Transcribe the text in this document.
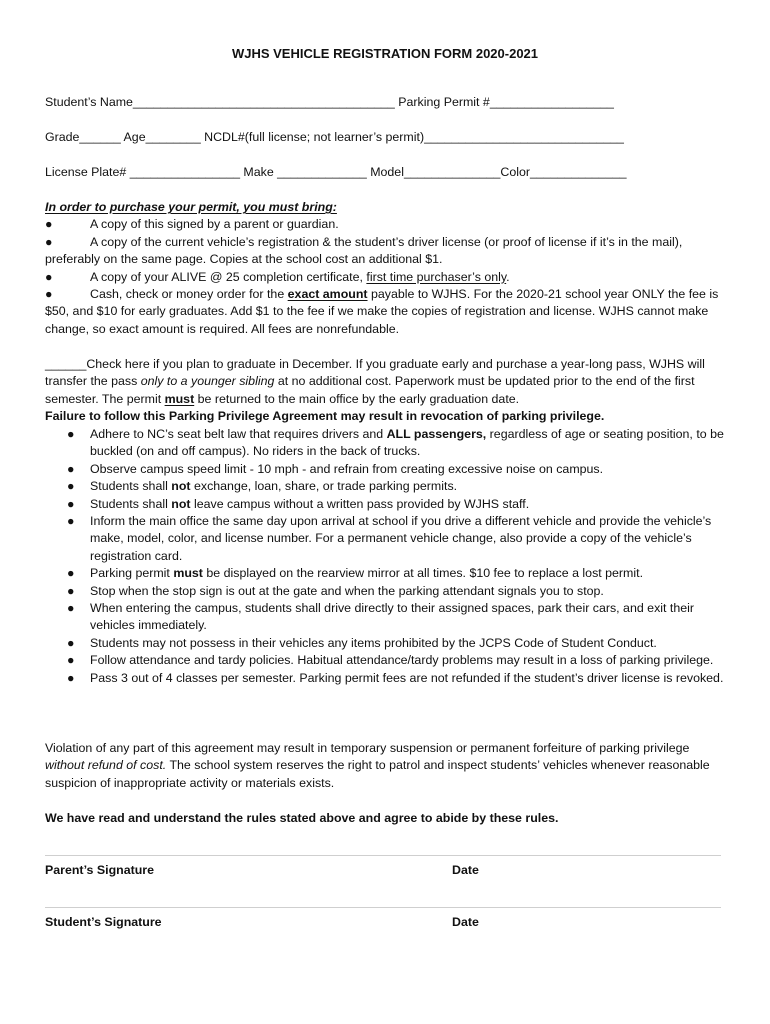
WJHS VEHICLE REGISTRATION FORM 2020-2021
Student’s Name______________________________________ Parking Permit #__________________
Grade______ Age________ NCDL#(full license; not learner’s permit)_____________________________
License Plate# ________________ Make _____________ Model______________Color______________

In order to purchase your permit, you must bring:

●	A copy of this signed by a parent or guardian.

●	A copy of the current vehicle’s registration & the student’s driver license (or proof of license if it’s in the mail), preferably on the same page. Copies at the school cost an additional $1.

●	A copy of your ALIVE @ 25 completion certificate, first time purchaser’s only.

●	Cash, check or money order for the exact amount payable to WJHS. For the 2020-21 school year ONLY the fee is $50, and $10 for early graduates. Add $1 to the fee if we make the copies of registration and license. WJHS cannot make change, so exact amount is required. All fees are nonrefundable.

______Check here if you plan to graduate in December. If you graduate early and purchase a year-long pass, WJHS will transfer the pass only to a younger sibling at no additional cost. Paperwork must be updated prior to the end of the first semester. The permit must be returned to the main office by the early graduation date.

Failure to follow this Parking Privilege Agreement may result in revocation of parking privilege.

● Adhere to NC’s seat belt law that requires drivers and ALL passengers, regardless of age or seating position, to be buckled (on and off campus). No riders in the back of trucks.
● Observe campus speed limit - 10 mph - and refrain from creating excessive noise on campus.
● Students shall not exchange, loan, share, or trade parking permits.
● Students shall not leave campus without a written pass provided by WJHS staff.
● Inform the main office the same day upon arrival at school if you drive a different vehicle and provide the vehicle’s make, model, color, and license number. For a permanent vehicle change, also provide a copy of the vehicle’s registration card.
● Parking permit must be displayed on the rearview mirror at all times. $10 fee to replace a lost permit.
● Stop when the stop sign is out at the gate and when the parking attendant signals you to stop.
● When entering the campus, students shall drive directly to their assigned spaces, park their cars, and exit their vehicles immediately.
● Students may not possess in their vehicles any items prohibited by the JCPS Code of Student Conduct.
● Follow attendance and tardy policies. Habitual attendance/tardy problems may result in a loss of parking privilege.
● Pass 3 out of 4 classes per semester. Parking permit fees are not refunded if the student’s driver license is revoked.

Violation of any part of this agreement may result in temporary suspension or permanent forfeiture of parking privilege without refund of cost. The school system reserves the right to patrol and inspect students’ vehicles whenever reasonable suspicion of inappropriate activity or materials exists.

We have read and understand the rules stated above and agree to abide by these rules.
Parent’s Signature	Date
Student’s Signature	Date
